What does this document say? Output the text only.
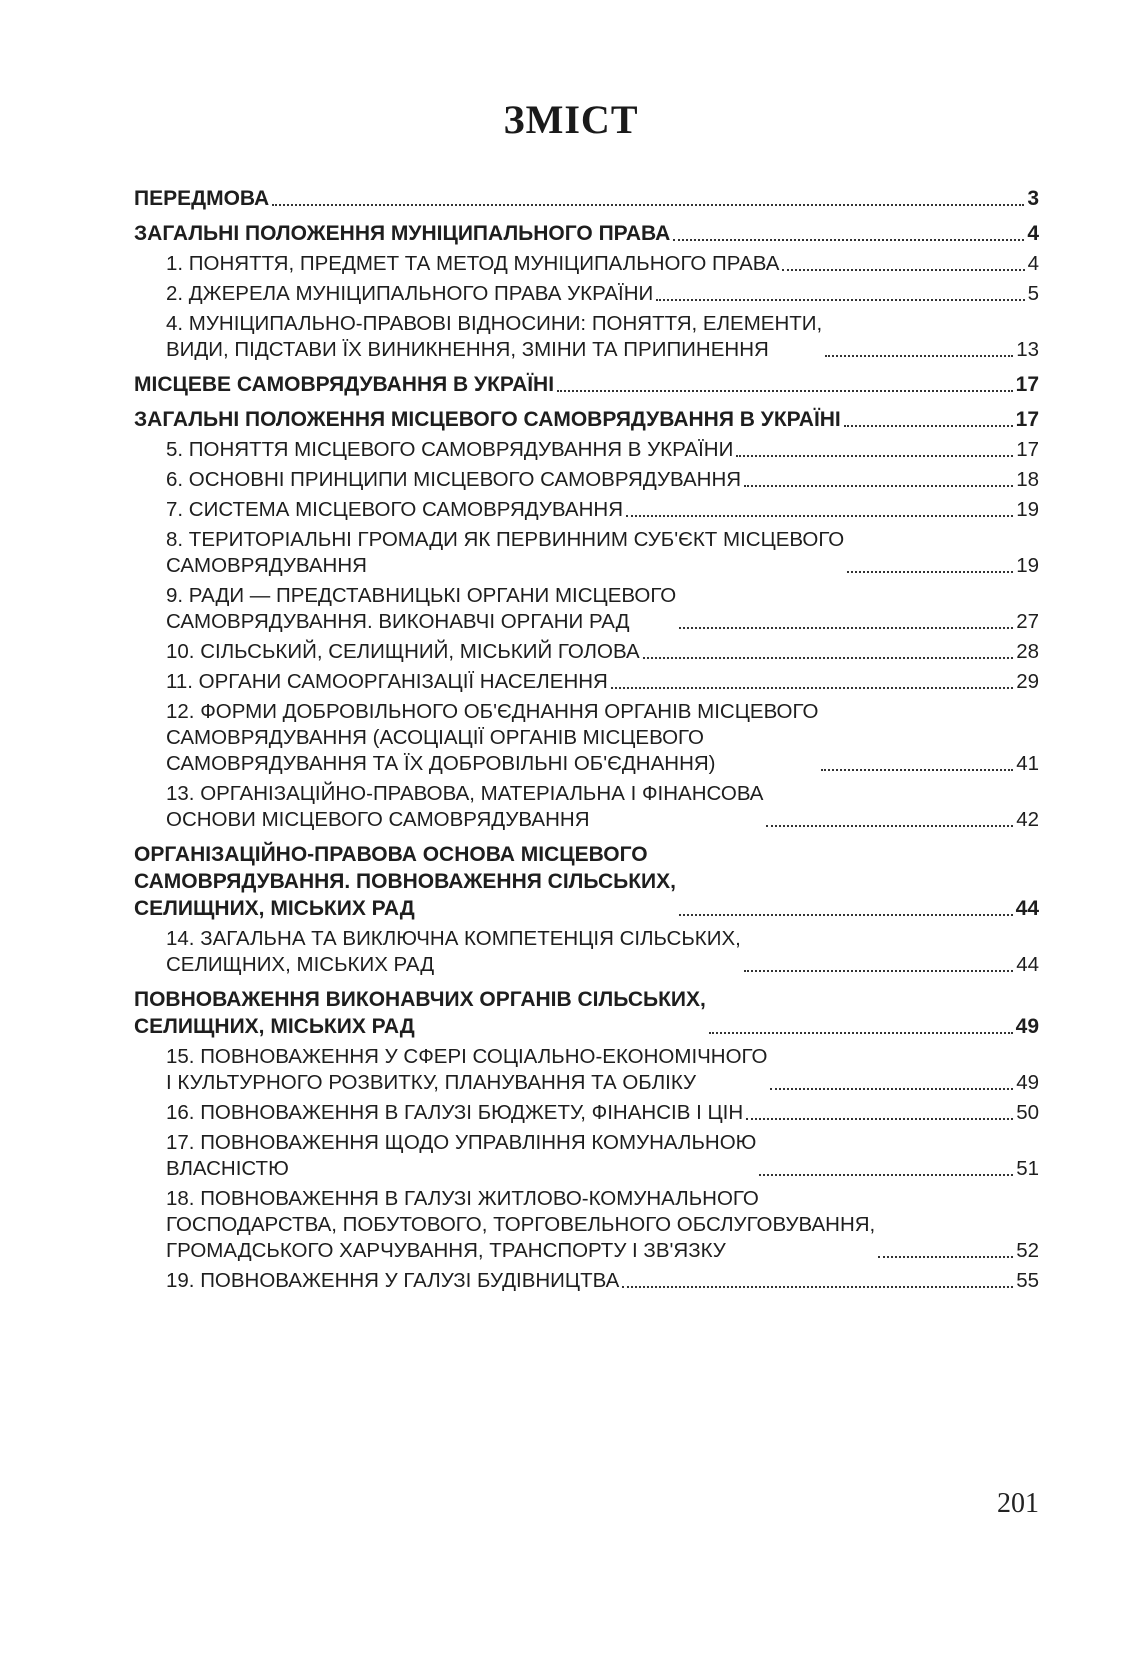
ЗМІСТ
ПЕРЕДМОВА	3
ЗАГАЛЬНІ ПОЛОЖЕННЯ МУНІЦИПАЛЬНОГО ПРАВА	4
1. ПОНЯТТЯ, ПРЕДМЕТ ТА МЕТОД МУНІЦИПАЛЬНОГО ПРАВА	4
2. ДЖЕРЕЛА МУНІЦИПАЛЬНОГО ПРАВА УКРАЇНИ	5
4. МУНІЦИПАЛЬНО-ПРАВОВІ ВІДНОСИНИ: ПОНЯТТЯ, ЕЛЕМЕНТИ,
ВИДИ, ПІДСТАВИ ЇХ ВИНИКНЕННЯ, ЗМІНИ ТА ПРИПИНЕННЯ	13
МІСЦЕВЕ САМОВРЯДУВАННЯ В УКРАЇНІ	17
ЗАГАЛЬНІ ПОЛОЖЕННЯ МІСЦЕВОГО САМОВРЯДУВАННЯ В УКРАЇНІ	17
5. ПОНЯТТЯ МІСЦЕВОГО САМОВРЯДУВАННЯ В УКРАЇНИ	17
6. ОСНОВНІ ПРИНЦИПИ МІСЦЕВОГО САМОВРЯДУВАННЯ	18
7. СИСТЕМА МІСЦЕВОГО САМОВРЯДУВАННЯ	19
8. ТЕРИТОРІАЛЬНІ ГРОМАДИ ЯК ПЕРВИННИМ СУБ'ЄКТ МІСЦЕВОГО
САМОВРЯДУВАННЯ	19
9. РАДИ — ПРЕДСТАВНИЦЬКІ ОРГАНИ МІСЦЕВОГО
САМОВРЯДУВАННЯ. ВИКОНАВЧІ ОРГАНИ РАД	27
10. СІЛЬСЬКИЙ, СЕЛИЩНИЙ, МІСЬКИЙ ГОЛОВА	28
11. ОРГАНИ САМООРГАНІЗАЦІЇ НАСЕЛЕННЯ	29
12. ФОРМИ ДОБРОВІЛЬНОГО ОБ'ЄДНАННЯ ОРГАНІВ МІСЦЕВОГО
САМОВРЯДУВАННЯ (АСОЦІАЦІЇ ОРГАНІВ МІСЦЕВОГО
САМОВРЯДУВАННЯ ТА ЇХ ДОБРОВІЛЬНІ ОБ'ЄДНАННЯ)	41
13. ОРГАНІЗАЦІЙНО-ПРАВОВА, МАТЕРІАЛЬНА І ФІНАНСОВА
ОСНОВИ МІСЦЕВОГО САМОВРЯДУВАННЯ	42
ОРГАНІЗАЦІЙНО-ПРАВОВА ОСНОВА МІСЦЕВОГО
САМОВРЯДУВАННЯ. ПОВНОВАЖЕННЯ СІЛЬСЬКИХ,
СЕЛИЩНИХ, МІСЬКИХ РАД	44
14. ЗАГАЛЬНА ТА ВИКЛЮЧНА КОМПЕТЕНЦІЯ СІЛЬСЬКИХ,
СЕЛИЩНИХ, МІСЬКИХ РАД	44
ПОВНОВАЖЕННЯ ВИКОНАВЧИХ ОРГАНІВ СІЛЬСЬКИХ,
СЕЛИЩНИХ, МІСЬКИХ РАД	49
15. ПОВНОВАЖЕННЯ У СФЕРІ СОЦІАЛЬНО-ЕКОНОМІЧНОГО
І КУЛЬТУРНОГО РОЗВИТКУ, ПЛАНУВАННЯ ТА ОБЛІКУ	49
16. ПОВНОВАЖЕННЯ В ГАЛУЗІ БЮДЖЕТУ, ФІНАНСІВ І ЦІН	50
17. ПОВНОВАЖЕННЯ ЩОДО УПРАВЛІННЯ КОМУНАЛЬНОЮ
ВЛАСНІСТЮ	51
18. ПОВНОВАЖЕННЯ В ГАЛУЗІ ЖИТЛОВО-КОМУНАЛЬНОГО
ГОСПОДАРСТВА, ПОБУТОВОГО, ТОРГОВЕЛЬНОГО ОБСЛУГОВУВАННЯ,
ГРОМАДСЬКОГО ХАРЧУВАННЯ, ТРАНСПОРТУ І ЗВ'ЯЗКУ	52
19. ПОВНОВАЖЕННЯ У ГАЛУЗІ БУДІВНИЦТВА	55
201
